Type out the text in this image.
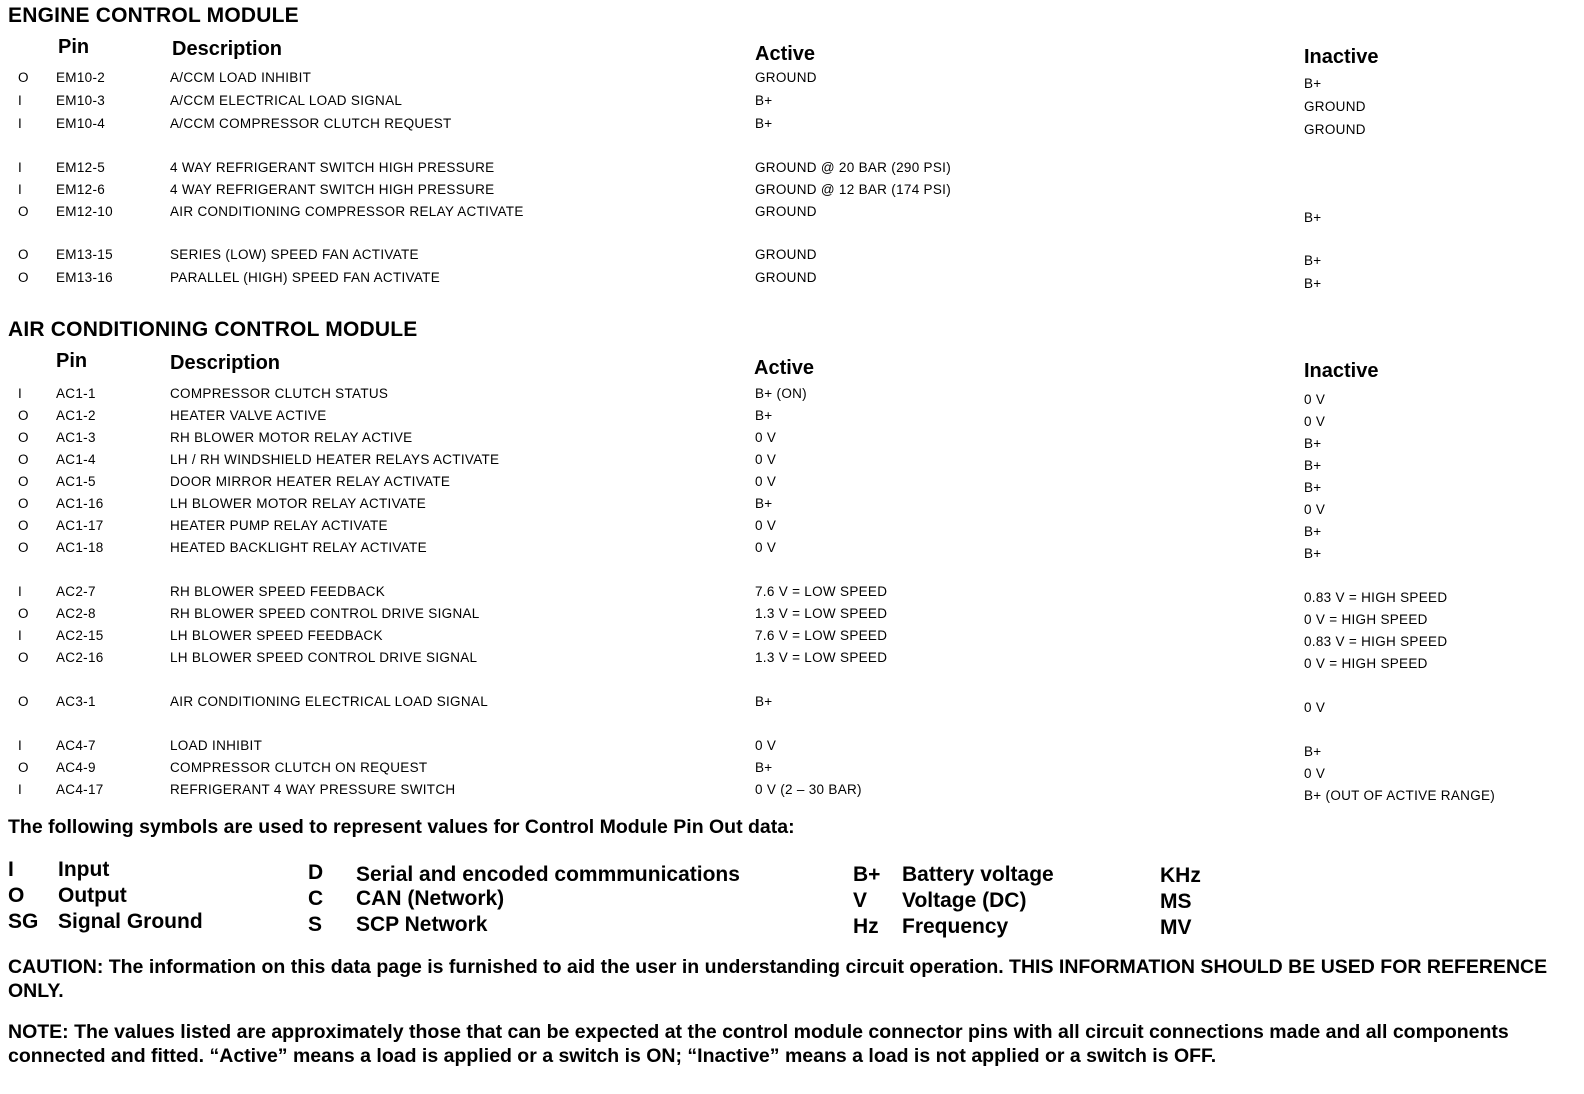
ENGINE CONTROL MODULE
Pin	Description	Active	Inactive
O EM10-2	A/CCM LOAD INHIBIT	GROUND	B+
I	EM10-3	A/CCM ELECTRICAL LOAD SIGNAL	B+	GROUND
I	EM10-4	A/CCM COMPRESSOR CLUTCH REQUEST	B+	GROUND
I	EM12-5	4 WAY REFRIGERANT SWITCH HIGH PRESSURE	GROUND @ 20 BAR (290 PSI)
I	EM12-6	4 WAY REFRIGERANT SWITCH HIGH PRESSURE	GROUND @ 12 BAR (174 PSI)
O EM12-10	AIR CONDITIONING COMPRESSOR RELAY ACTIVATE	GROUND	B+
O EM13-15	SERIES (LOW) SPEED FAN ACTIVATE	GROUND	B+
O EM13-16	PARALLEL (HIGH) SPEED FAN ACTIVATE	GROUND	B+
AIR CONDITIONING CONTROL MODULE
Pin	Description	Active	Inactive
I	AC1-1	COMPRESSOR CLUTCH STATUS	B+ (ON)	0 V
O AC1-2	HEATER VALVE ACTIVE	B+	0 V
O AC1-3	RH BLOWER MOTOR RELAY ACTIVE	0 V	B+
O AC1-4	LH / RH WINDSHIELD HEATER RELAYS ACTIVATE	0 V	B+
O AC1-5	DOOR MIRROR HEATER RELAY ACTIVATE	0 V	B+
O AC1-16	LH BLOWER MOTOR RELAY ACTIVATE	B+	0 V
O AC1-17	HEATER PUMP RELAY ACTIVATE	0 V	B+
O AC1-18	HEATED BACKLIGHT RELAY ACTIVATE	0 V	B+
I	AC2-7	RH BLOWER SPEED FEEDBACK	7.6 V = LOW SPEED	0.83 V = HIGH SPEED
O AC2-8	RH BLOWER SPEED CONTROL DRIVE SIGNAL	1.3 V = LOW SPEED	0 V = HIGH SPEED
I	AC2-15	LH BLOWER SPEED FEEDBACK	7.6 V = LOW SPEED	0.83 V = HIGH SPEED
O AC2-16	LH BLOWER SPEED CONTROL DRIVE SIGNAL	1.3 V = LOW SPEED	0 V = HIGH SPEED
O AC3-1	AIR CONDITIONING ELECTRICAL LOAD SIGNAL	B+	0 V
I	AC4-7	LOAD INHIBIT	0 V	B+
O AC4-9	COMPRESSOR CLUTCH ON REQUEST	B+	0 V
I	AC4-17	REFRIGERANT 4 WAY PRESSURE SWITCH	0 V (2 – 30 BAR)	B+ (OUT OF ACTIVE RANGE)
The following symbols are used to represent values for Control Module Pin Out data:
I Input
O Output
SG Signal Ground
D Serial and encoded commmunications
C CAN (Network)
S SCP Network
B+ Battery voltage
V Voltage (DC)
Hz Frequency
KHz
MS
MV
CAUTION: The information on this data page is furnished to aid the user in understanding circuit operation. THIS INFORMATION SHOULD BE USED FOR REFERENCE ONLY.
NOTE: The values listed are approximately those that can be expected at the control module connector pins with all circuit connections made and all components connected and fitted. “Active” means a load is applied or a switch is ON; “Inactive” means a load is not applied or a switch is OFF.
